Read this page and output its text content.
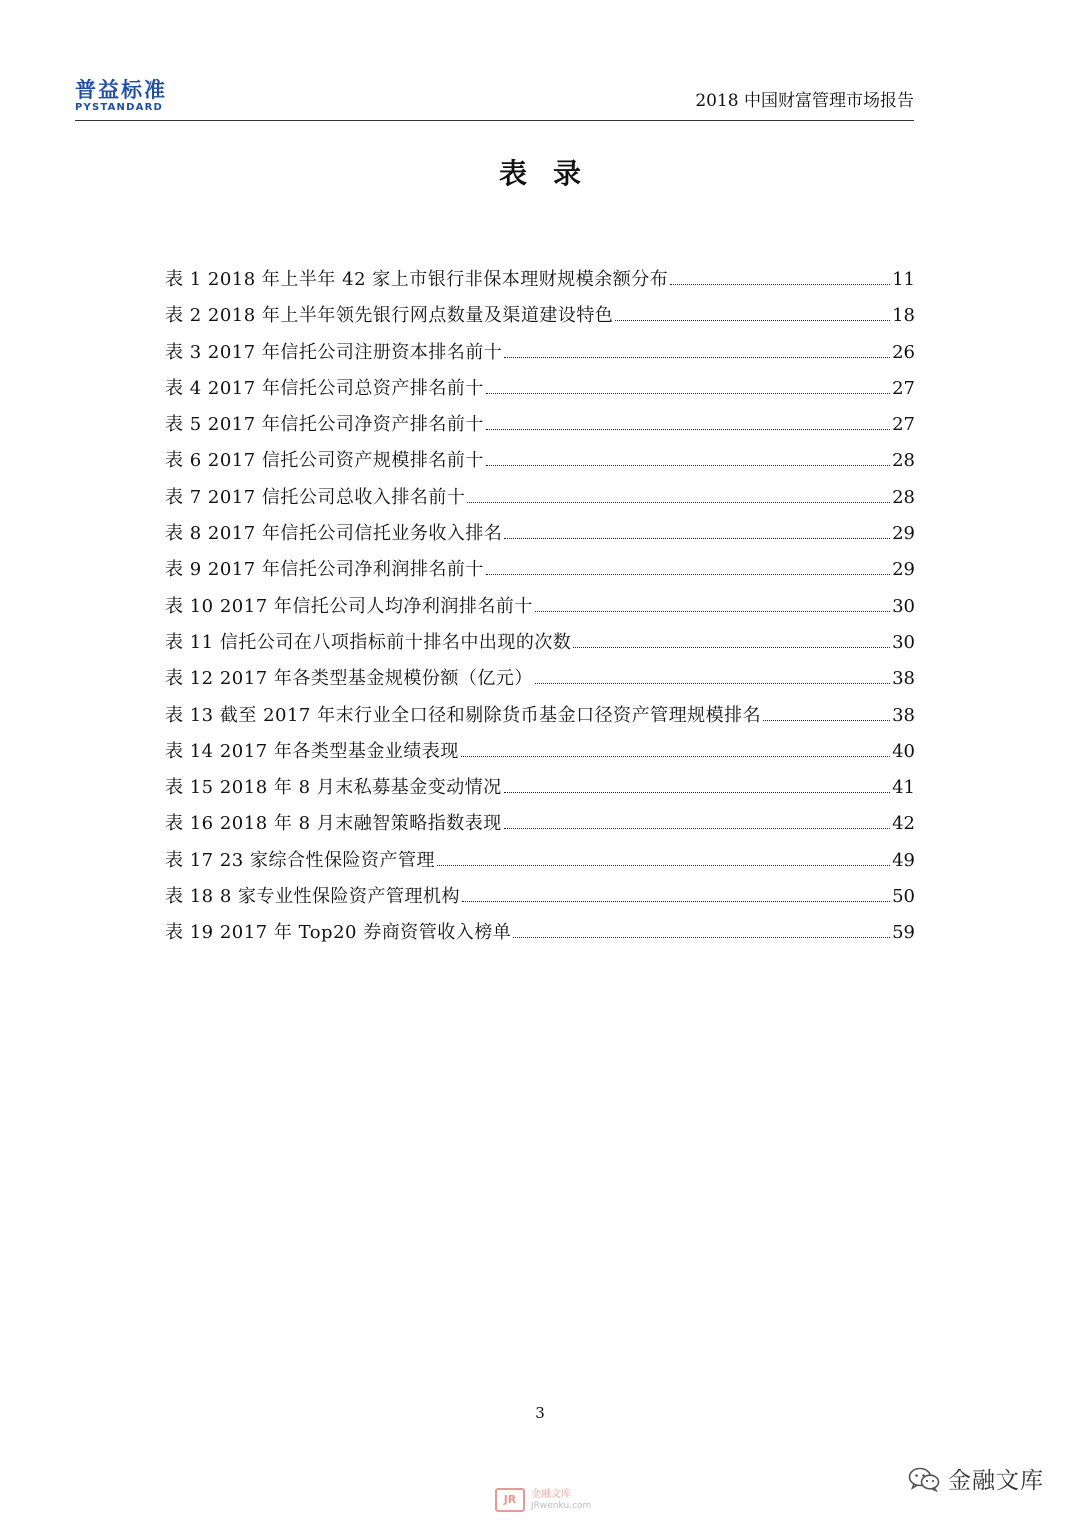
普益标准
PYSTANDARD	2018 中国财富管理市场报告
表录
表 1 2018 年上半年 42 家上市银行非保本理财规模余额分布	11
表 2 2018 年上半年领先银行网点数量及渠道建设特色	18
表 3 2017 年信托公司注册资本排名前十	26
表 4 2017 年信托公司总资产排名前十	27
表 5 2017 年信托公司净资产排名前十	27
表 6 2017 信托公司资产规模排名前十	28
表 7 2017 信托公司总收入排名前十	28
表 8 2017 年信托公司信托业务收入排名	29
表 9 2017 年信托公司净利润排名前十	29
表 10 2017 年信托公司人均净利润排名前十	30
表 11 信托公司在八项指标前十排名中出现的次数	30
表 12 2017 年各类型基金规模份额（亿元）	38
表 13 截至 2017 年末行业全口径和剔除货币基金口径资产管理规模排名	38
表 14 2017 年各类型基金业绩表现	40
表 15 2018 年 8 月末私募基金变动情况	41
表 16 2018 年 8 月末融智策略指数表现	42
表 17 23 家综合性保险资产管理	49
表 18 8 家专业性保险资产管理机构	50
表 19 2017 年 Top20 券商资管收入榜单	59
3
JR	金融文库
JRwenku.com
金融文库
